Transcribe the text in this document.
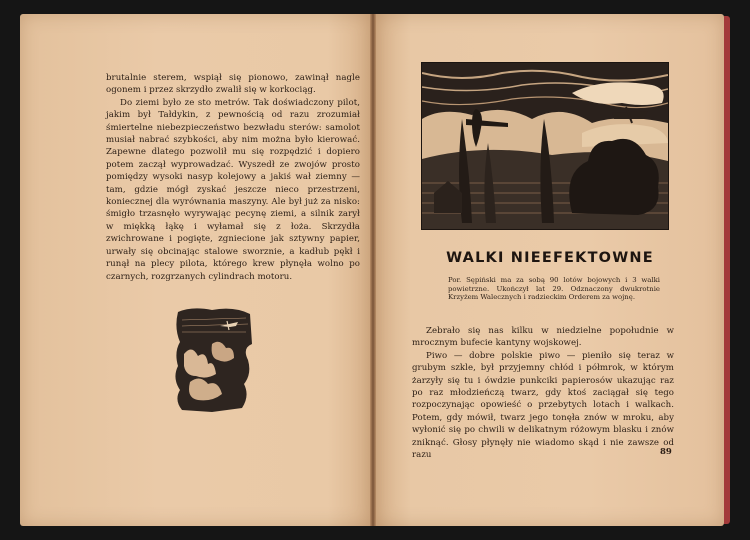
brutalnie sterem, wspiął się pionowo, zawinął nagle ogonem i przez skrzydło zwalił się w korkociąg.

Do ziemi było ze sto metrów. Tak doświadczony pilot, jakim był Tałdykin, z pewnością od razu zrozumiał śmiertelne niebezpieczeństwo bezwładu sterów: samolot musiał nabrać szybkości, aby nim można było kierować. Zapewne dlatego pozwolił mu się rozpędzić i dopiero potem zaczął wyprowadzać. Wyszedł ze zwojów prosto pomiędzy wysoki nasyp kolejowy a jakiś wał ziemny — tam, gdzie mógł zyskać jeszcze nieco przestrzeni, koniecznej dla wyrównania maszyny. Ale był już za nisko: śmigło trzasnęło wyrywając pecynę ziemi, a silnik zarył w miękką łąkę i wyłamał się z łoża. Skrzydła zwichrowane i pogięte, zgniecione jak sztywny papier, urwały się obcinając stalowe sworznie, a kadłub pękł i runął na plecy pilota, którego krew płynęła wolno po czarnych, rozgrzanych cylindrach motoru.

WALKI NIEEFEKTOWNE
Por. Sępiński ma za sobą 90 lotów bojowych i 3 walki powietrzne. Ukończył lat 29. Odznaczony dwukrotnie Krzyżem Walecznych i radzieckim Orderem za wojnę.

Zebrało się nas kilku w niedzielne popołudnie w mrocznym bufecie kantyny wojskowej.

Piwo — dobre polskie piwo — pieniło się teraz w grubym szkle, był przyjemny chłód i półmrok, w którym żarzyły się tu i ówdzie punkciki papierosów ukazując raz po raz młodzieńczą twarz, gdy ktoś zaciągał się tego rozpoczynając opowieść o przebytych lotach i walkach. Potem, gdy mówił, twarz jego tonęła znów w mroku, aby wyłonić się po chwili w delikatnym różowym blasku i znów zniknąć. Głosy płynęły nie wiadomo skąd i nie zawsze od razu	89
